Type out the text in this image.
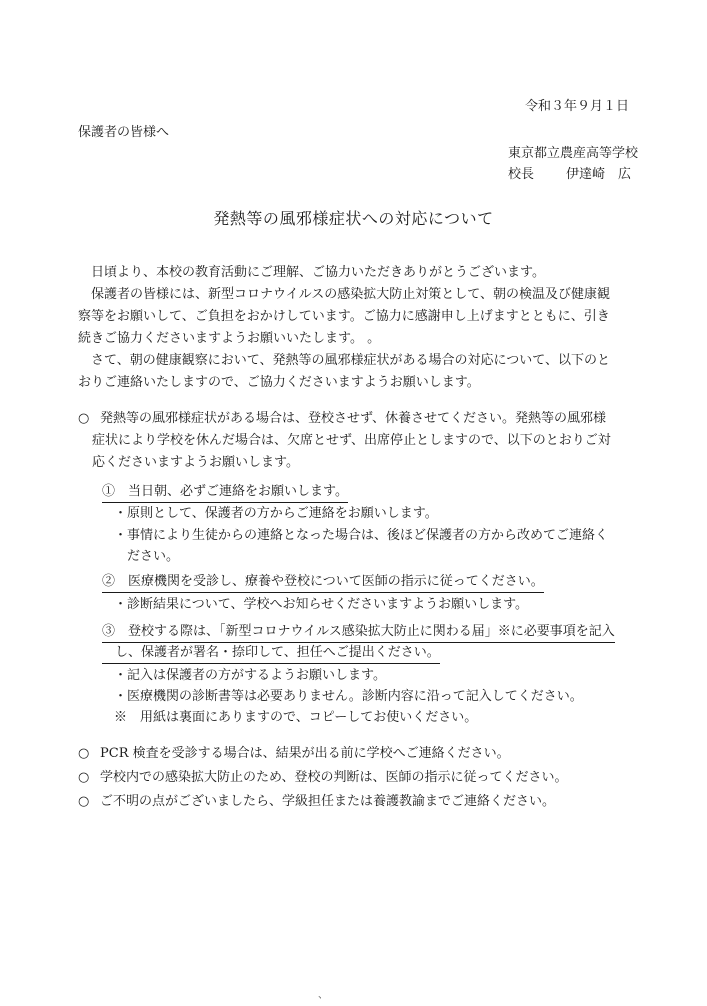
令和３年９月１日
保護者の皆様へ
東京都立農産高等学校
校長 伊達崎　広
発熱等の風邪様症状への対応について
日頃より、本校の教育活動にご理解、ご協力いただきありがとうございます。
保護者の皆様には、新型コロナウイルスの感染拡大防止対策として、朝の検温及び健康観
察等をお願いして、ご負担をおかけしています。ご協力に感謝申し上げますとともに、引き
続きご協力くださいますようお願いいたします。 。
さて、朝の健康観察において、発熱等の風邪様症状がある場合の対応について、以下のと
おりご連絡いたしますので、ご協力くださいますようお願いします。
○ 発熱等の風邪様症状がある場合は、登校させず、休養させてください。発熱等の風邪様
症状により学校を休んだ場合は、欠席とせず、出席停止としますので、以下のとおりご対
応くださいますようお願いします。
①　当日朝、必ずご連絡をお願いします。
・原則として、保護者の方からご連絡をお願いします。
・事情により生徒からの連絡となった場合は、後ほど保護者の方から改めてご連絡く
　ださい。
②　医療機関を受診し、療養や登校について医師の指示に従ってください。
・診断結果について、学校へお知らせくださいますようお願いします。
③　登校する際は、「新型コロナウイルス感染拡大防止に関わる届」※に必要事項を記入
　し、保護者が署名・捺印して、担任へご提出ください。
・記入は保護者の方がするようお願いします。
・医療機関の診断書等は必要ありません。診断内容に沿って記入してください。
※　用紙は裏面にありますので、コピーしてお使いください。
○ PCR 検査を受診する場合は、結果が出る前に学校へご連絡ください。
○ 学校内での感染拡大防止のため、登校の判断は、医師の指示に従ってください。
○ ご不明の点がございましたら、学級担任または養護教諭までご連絡ください。
、
